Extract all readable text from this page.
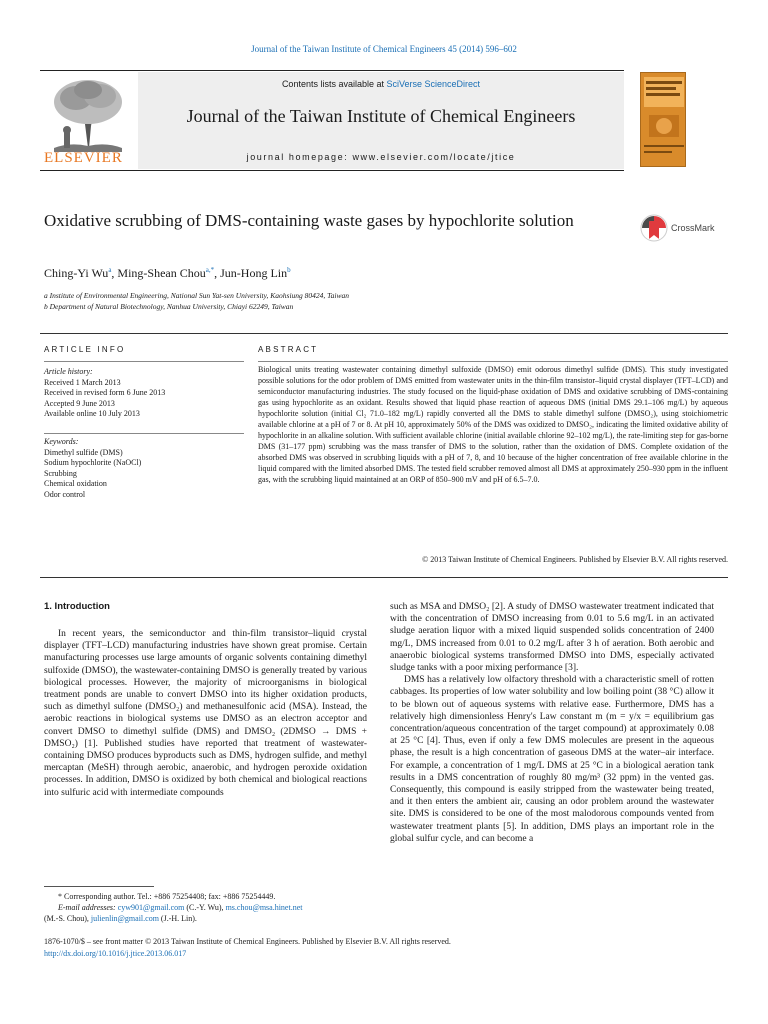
Journal of the Taiwan Institute of Chemical Engineers 45 (2014) 596–602
ELSEVIER
Contents lists available at SciVerse ScienceDirect
Journal of the Taiwan Institute of Chemical Engineers
journal homepage: www.elsevier.com/locate/jtice
Oxidative scrubbing of DMS-containing waste gases by hypochlorite solution	CrossMark
Ching-Yi Wu$^a$, Ming-Shean Chou$^{a,*}$, Jun-Hong Lin$^b$
a Institute of Environmental Engineering, National Sun Yat-sen University, Kaohsiung 80424, Taiwan
b Department of Natural Biotechnology, Nanhua University, Chiayi 62249, Taiwan
ARTICLE INFO	ABSTRACT
Article history:
Received 1 March 2013
Received in revised form 6 June 2013
Accepted 9 June 2013
Available online 10 July 2013
Keywords:
Dimethyl sulfide (DMS)
Sodium hypochlorite (NaOCl)
Scrubbing
Chemical oxidation
Odor control
Biological units treating wastewater containing dimethyl sulfoxide (DMSO) emit odorous dimethyl sulfide (DMS). This study investigated possible solutions for the odor problem of DMS emitted from wastewater units in the thin-film transistor–liquid crystal displayer (TFT–LCD) and semiconductor manufacturing industries. The study focused on the liquid-phase oxidation of DMS and oxidative scrubbing of DMS-containing gas using hypochlorite as an oxidant. Results showed that liquid phase reaction of aqueous DMS (initial DMS 29.1–106 mg/L) by aqueous hypochlorite solution (initial Cl₂ 71.0–182 mg/L) rapidly converted all the DMS to stable dimethyl sulfone (DMSO₂), using stoichiometric available chlorine at a pH of 7 or 8. At pH 10, approximately 50% of the DMS was oxidized to DMSO₂, indicating the limited oxidative ability of hypochlorite in an alkaline solution. With sufficient available chlorine (initial available chlorine 92–102 mg/L), the rate-limiting step for gas-borne DMS (31–177 ppm) scrubbing was the mass transfer of DMS to the solution, rather than the oxidation of DMS. Complete oxidation of the absorbed DMS was observed in scrubbing liquids with a pH of 7, 8, and 10 because of the higher concentration of free available chlorine in the liquid compared with the limited absorbed DMS. The tested field scrubber removed almost all DMS at approximately 250–930 ppm in the influent gas, with the scrubbing liquid maintained at an ORP of 850–900 mV and pH of 6.5–7.0.
© 2013 Taiwan Institute of Chemical Engineers. Published by Elsevier B.V. All rights reserved.
1. Introduction

In recent years, the semiconductor and thin-film transistor–liquid crystal displayer (TFT–LCD) manufacturing industries have shown great promise. Certain manufacturing processes use large amounts of organic solvents containing dimethyl sulfoxide (DMSO), the wastewater-containing DMSO is generally treated by various biological processes. However, the majority of microorganisms in biological treatment ponds are unable to convert DMSO into its higher oxidation products, such as dimethyl sulfone (DMSO₂) and methanesulfonic acid (MSA). Instead, the aerobic reactions in biological systems use DMSO as an electron acceptor and convert DMSO to dimethyl sulfide (DMS) and DMSO₂ (2DMSO → DMS + DMSO₂) [1]. Published studies have reported that treatment of wastewater-containing DMSO produces byproducts such as DMS, hydrogen sulfide, and methyl mercaptan (MeSH) through aerobic, anaerobic, and hydrogen peroxide oxidation processes. In addition, DMSO is oxidized by both chemical and biological reactions into sulfuric acid with intermediate compounds

such as MSA and DMSO₂ [2]. A study of DMSO wastewater treatment indicated that with the concentration of DMSO increasing from 0.01 to 5.6 mg/L in an activated sludge aeration liquor with a mixed liquid suspended solids concentration of 2400 mg/L, DMS increased from 0.01 to 0.2 mg/L after 3 h of aeration. Both aerobic and anaerobic biological systems transformed DMSO into DMS, especially activated sludge tanks with a poor mixing performance [3].

DMS has a relatively low olfactory threshold with a characteristic smell of rotten cabbages. Its properties of low water solubility and low boiling point (38 °C) allow it to be blown out of aqueous systems with relative ease. Furthermore, DMS has a relatively high dimensionless Henry's Law constant m (m = y/x = equilibrium gas concentration/aqueous concentration of the target compound) at approximately 0.08 at 25 °C [4]. Thus, even if only a few DMS molecules are present in the aqueous phase, the result is a high concentration of gaseous DMS at the water–air interface. For example, a concentration of 1 mg/L DMS at 25 °C in a biological aeration tank results in a DMS concentration of roughly 80 mg/m³ (32 ppm) in the vented gas. Consequently, this compound is easily stripped from the wastewater being treated, and it then enters the ambient air, causing an odor problem around the wastewater site. DMS is considered to be one of the most malodorous compounds vented from wastewater treatment plants [5]. In addition, DMS plays an important role in the global sulfur cycle, and can become a

* Corresponding author. Tel.: +886 75254408; fax: +886 75254449.
E-mail addresses: cyw901@gmail.com (C.-Y. Wu), ms.chou@msa.hinet.net
(M.-S. Chou), julienlin@gmail.com (J.-H. Lin).
1876-1070/$ – see front matter © 2013 Taiwan Institute of Chemical Engineers. Published by Elsevier B.V. All rights reserved.
http://dx.doi.org/10.1016/j.jtice.2013.06.017
